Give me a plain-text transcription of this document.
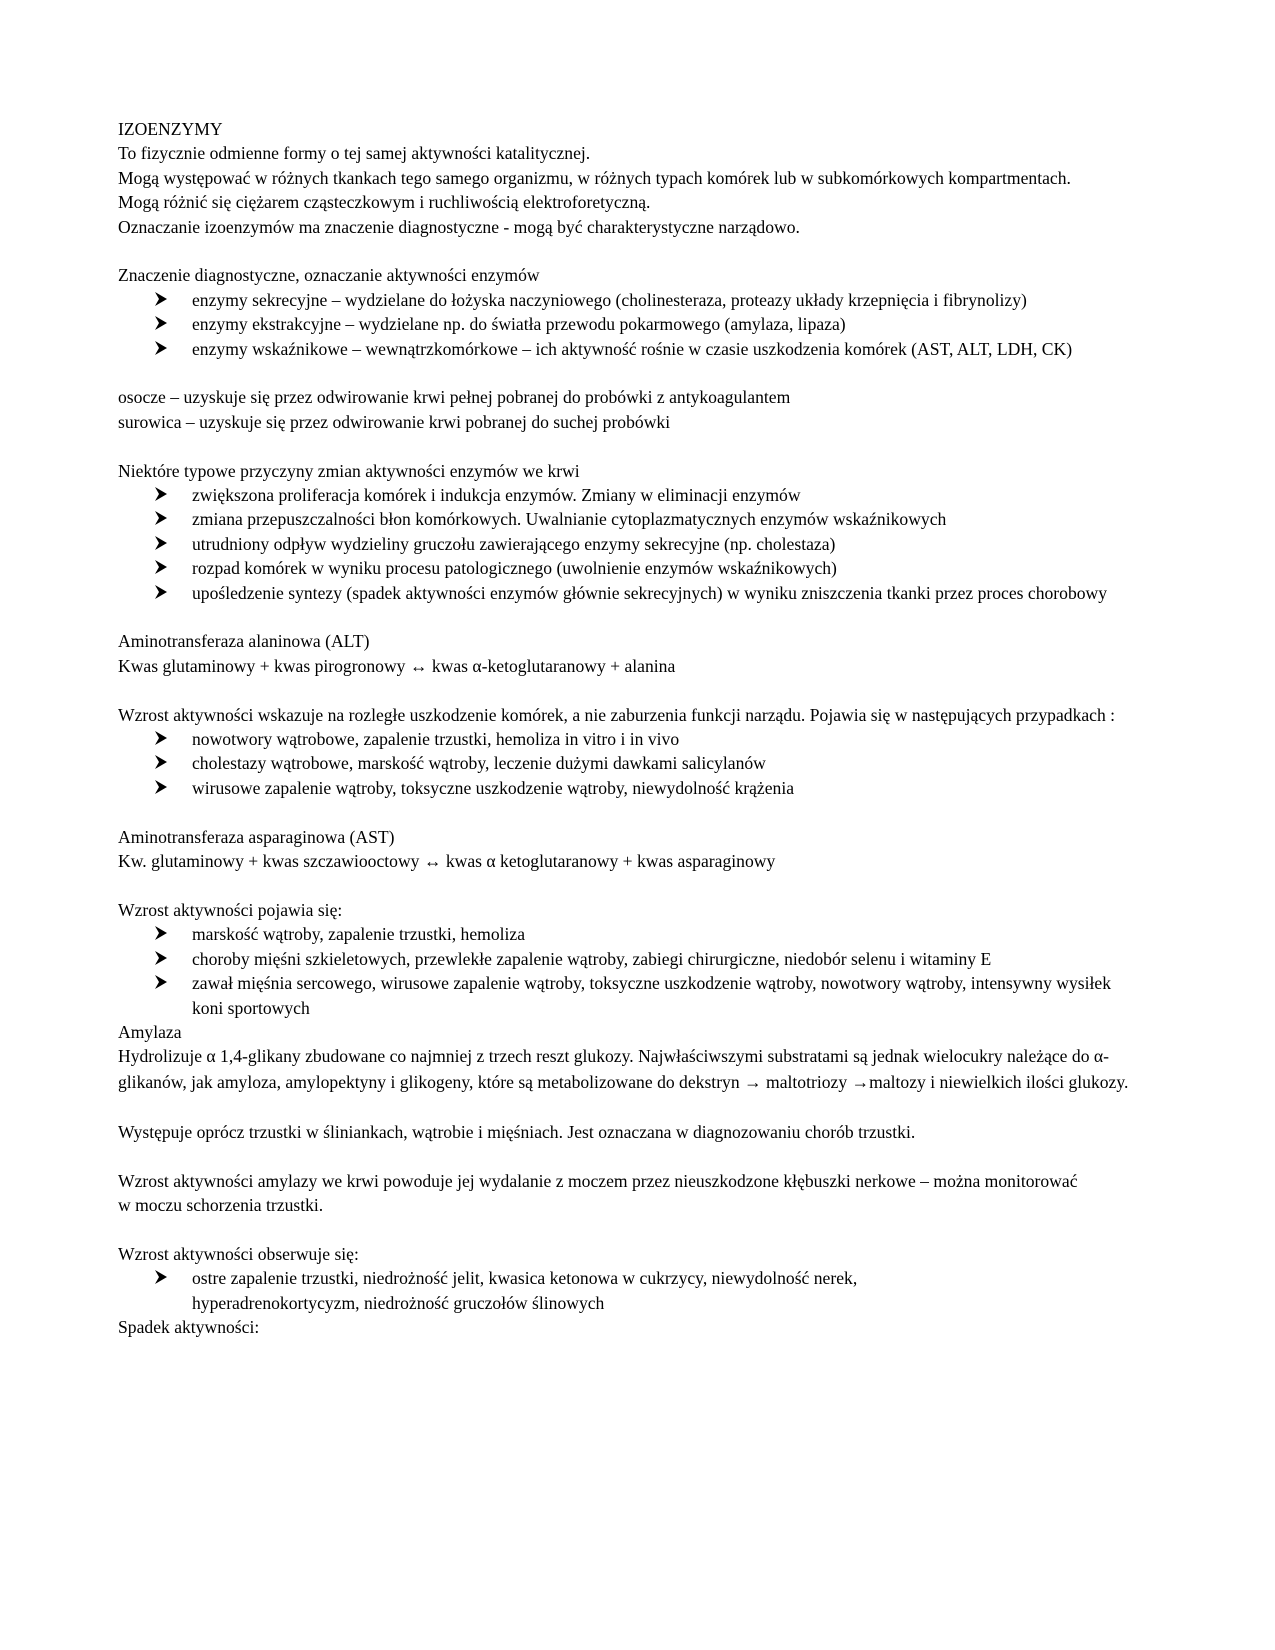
IZOENZYMY
To fizycznie odmienne formy o tej samej aktywności katalitycznej.
Mogą występować w różnych tkankach tego samego organizmu, w różnych typach komórek lub w subkomórkowych kompartmentach.
Mogą różnić się ciężarem cząsteczkowym i ruchliwością elektroforetyczną.
Oznaczanie izoenzymów ma znaczenie diagnostyczne - mogą być charakterystyczne narządowo.
Znaczenie diagnostyczne, oznaczanie aktywności enzymów
enzymy sekrecyjne – wydzielane do łożyska naczyniowego (cholinesteraza, proteazy układy krzepnięcia i fibrynolizy)
enzymy ekstrakcyjne – wydzielane np. do światła przewodu pokarmowego (amylaza, lipaza)
enzymy wskaźnikowe – wewnątrzkomórkowe – ich aktywność rośnie w czasie uszkodzenia komórek (AST, ALT, LDH, CK)
osocze – uzyskuje się przez odwirowanie krwi pełnej pobranej do probówki z antykoagulantem
surowica – uzyskuje się przez odwirowanie krwi pobranej do suchej probówki
Niektóre typowe przyczyny zmian aktywności enzymów we krwi
zwiększona proliferacja komórek i indukcja enzymów. Zmiany w eliminacji enzymów
zmiana przepuszczalności błon komórkowych. Uwalnianie cytoplazmatycznych enzymów wskaźnikowych
utrudniony odpływ wydzieliny gruczołu zawierającego enzymy sekrecyjne (np. cholestaza)
rozpad komórek w wyniku procesu patologicznego (uwolnienie enzymów wskaźnikowych)
upośledzenie syntezy (spadek aktywności enzymów głównie sekrecyjnych) w wyniku zniszczenia tkanki przez proces chorobowy
Aminotransferaza alaninowa (ALT)
Kwas glutaminowy + kwas pirogronowy ↔ kwas α-ketoglutaranowy + alanina
Wzrost aktywności wskazuje na rozległe uszkodzenie komórek, a nie zaburzenia funkcji narządu. Pojawia się w następujących przypadkach :
nowotwory wątrobowe, zapalenie trzustki, hemoliza in vitro i in vivo
cholestazy wątrobowe, marskość wątroby, leczenie dużymi dawkami salicylanów
wirusowe zapalenie wątroby, toksyczne uszkodzenie wątroby, niewydolność krążenia
Aminotransferaza asparaginowa (AST)
Kw. glutaminowy + kwas szczawiooctowy ↔ kwas α ketoglutaranowy + kwas asparaginowy
Wzrost aktywności pojawia się:
marskość wątroby, zapalenie trzustki, hemoliza
choroby mięśni szkieletowych, przewlekłe zapalenie wątroby, zabiegi chirurgiczne, niedobór selenu i witaminy E
zawał mięśnia sercowego, wirusowe zapalenie wątroby, toksyczne uszkodzenie wątroby, nowotwory wątroby, intensywny wysiłek koni sportowych
Amylaza
Hydrolizuje α 1,4-glikany zbudowane co najmniej z trzech reszt glukozy. Najwłaściwszymi substratami są jednak wielocukry należące do α-glikanów, jak amyloza, amylopektyny i glikogeny, które są metabolizowane do dekstryn → maltotriozy →maltozy i niewielkich ilości glukozy.
Występuje oprócz trzustki w śliniankach, wątrobie i mięśniach. Jest oznaczana w diagnozowaniu chorób trzustki.
Wzrost aktywności amylazy we krwi powoduje jej wydalanie z moczem przez nieuszkodzone kłębuszki nerkowe – można monitorować w moczu schorzenia trzustki.
Wzrost aktywności obserwuje się:
ostre zapalenie trzustki, niedrożność jelit, kwasica ketonowa w cukrzycy, niewydolność nerek, hyperadrenokortycyzm, niedrożność gruczołów ślinowych
Spadek aktywności:
